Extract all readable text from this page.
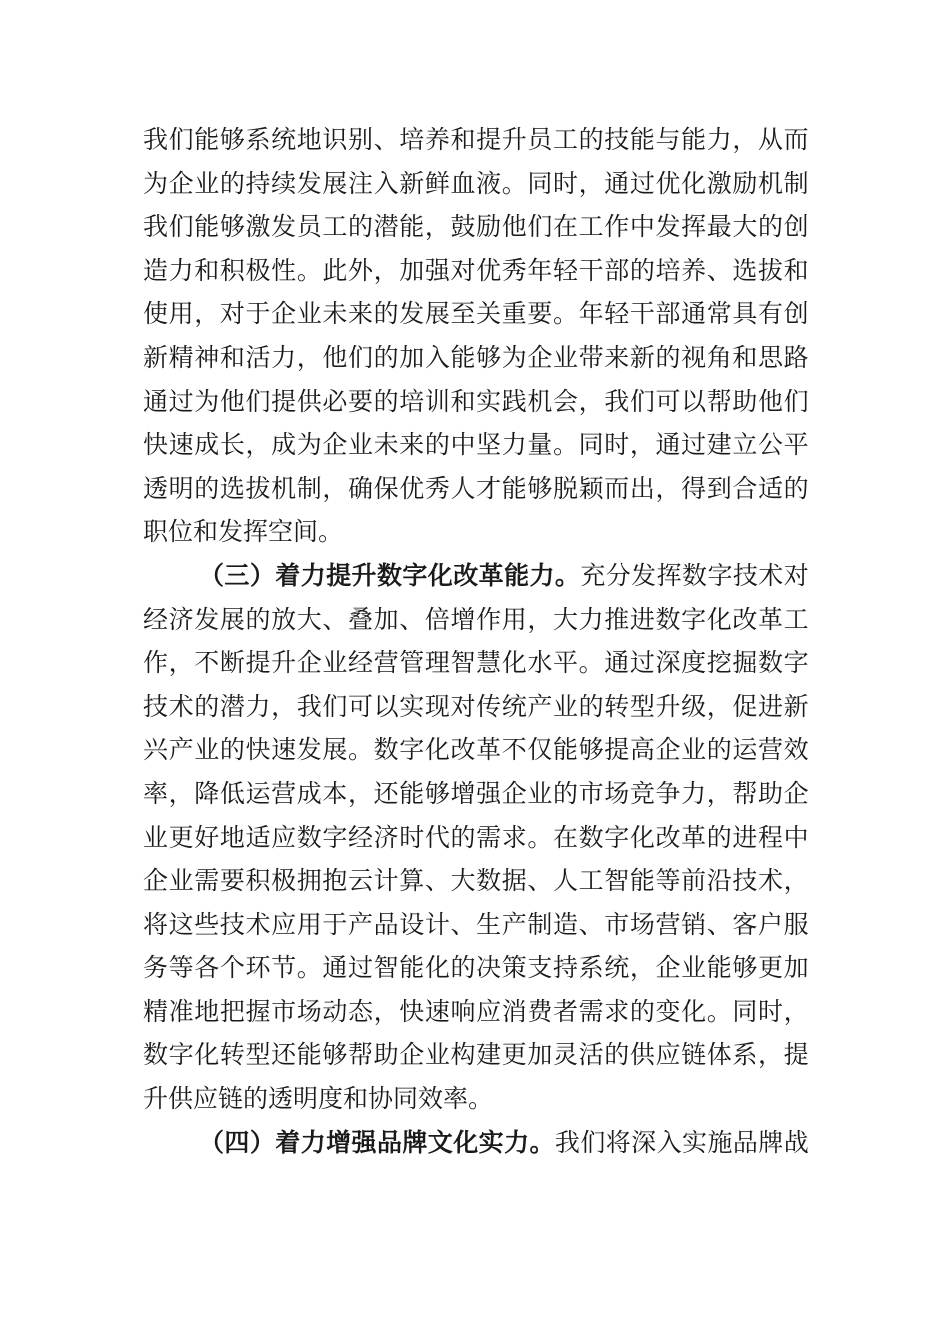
我 们 能 够 系 统 地 识 别 、 培 养 和 提 升 员 工 的 技 能 与 能 力 ， 从 而
为 企 业 的 持 续 发 展 注 入 新 鲜 血 液 。 同 时 ， 通 过 优 化 激 励 机 制
我 们 能 够 激 发 员 工 的 潜 能 ， 鼓 励 他 们 在 工 作 中 发 挥 最 大 的 创
造 力 和 积 极 性 。 此 外 ， 加 强 对 优 秀 年 轻 干 部 的 培 养 、 选 拔 和
使 用 ， 对 于 企 业 未 来 的 发 展 至 关 重 要 。 年 轻 干 部 通 常 具 有 创
新 精 神 和 活 力 ， 他 们 的 加 入 能 够 为 企 业 带 来 新 的 视 角 和 思 路
通 过 为 他 们 提 供 必 要 的 培 训 和 实 践 机 会 ， 我 们 可 以 帮 助 他 们
快 速 成 长 ， 成 为 企 业 未 来 的 中 坚 力 量 。 同 时 ， 通 过 建 立 公 平
透 明 的 选 拔 机 制 ， 确 保 优 秀 人 才 能 够 脱 颖 而 出 ， 得 到 合 适 的
职位和发挥空间。
（ 三 ） 着 力 提 升 数 字 化 改 革 能 力 。 充 分 发 挥 数 字 技 术 对
经 济 发 展 的 放 大 、 叠 加 、 倍 增 作 用 ， 大 力 推 进 数 字 化 改 革 工
作 ， 不 断 提 升 企 业 经 营 管 理 智 慧 化 水 平 。 通 过 深 度 挖 掘 数 字
技 术 的 潜 力 ， 我 们 可 以 实 现 对 传 统 产 业 的 转 型 升 级 ， 促 进 新
兴 产 业 的 快 速 发 展 。 数 字 化 改 革 不 仅 能 够 提 高 企 业 的 运 营 效
率 ， 降 低 运 营 成 本 ， 还 能 够 增 强 企 业 的 市 场 竞 争 力 ， 帮 助 企
业 更 好 地 适 应 数 字 经 济 时 代 的 需 求 。 在 数 字 化 改 革 的 进 程 中
企 业 需 要 积 极 拥 抱 云 计 算 、 大 数 据 、 人 工 智 能 等 前 沿 技 术 ，
将 这 些 技 术 应 用 于 产 品 设 计 、 生 产 制 造 、 市 场 营 销 、 客 户 服
务 等 各 个 环 节 。 通 过 智 能 化 的 决 策 支 持 系 统 ， 企 业 能 够 更 加
精 准 地 把 握 市 场 动 态 ， 快 速 响 应 消 费 者 需 求 的 变 化 。 同 时 ，
数 字 化 转 型 还 能 够 帮 助 企 业 构 建 更 加 灵 活 的 供 应 链 体 系 ， 提
升供应链的透明度和协同效率。
（ 四 ） 着 力 增 强 品 牌 文 化 实 力 。 我 们 将 深 入 实 施 品 牌 战
